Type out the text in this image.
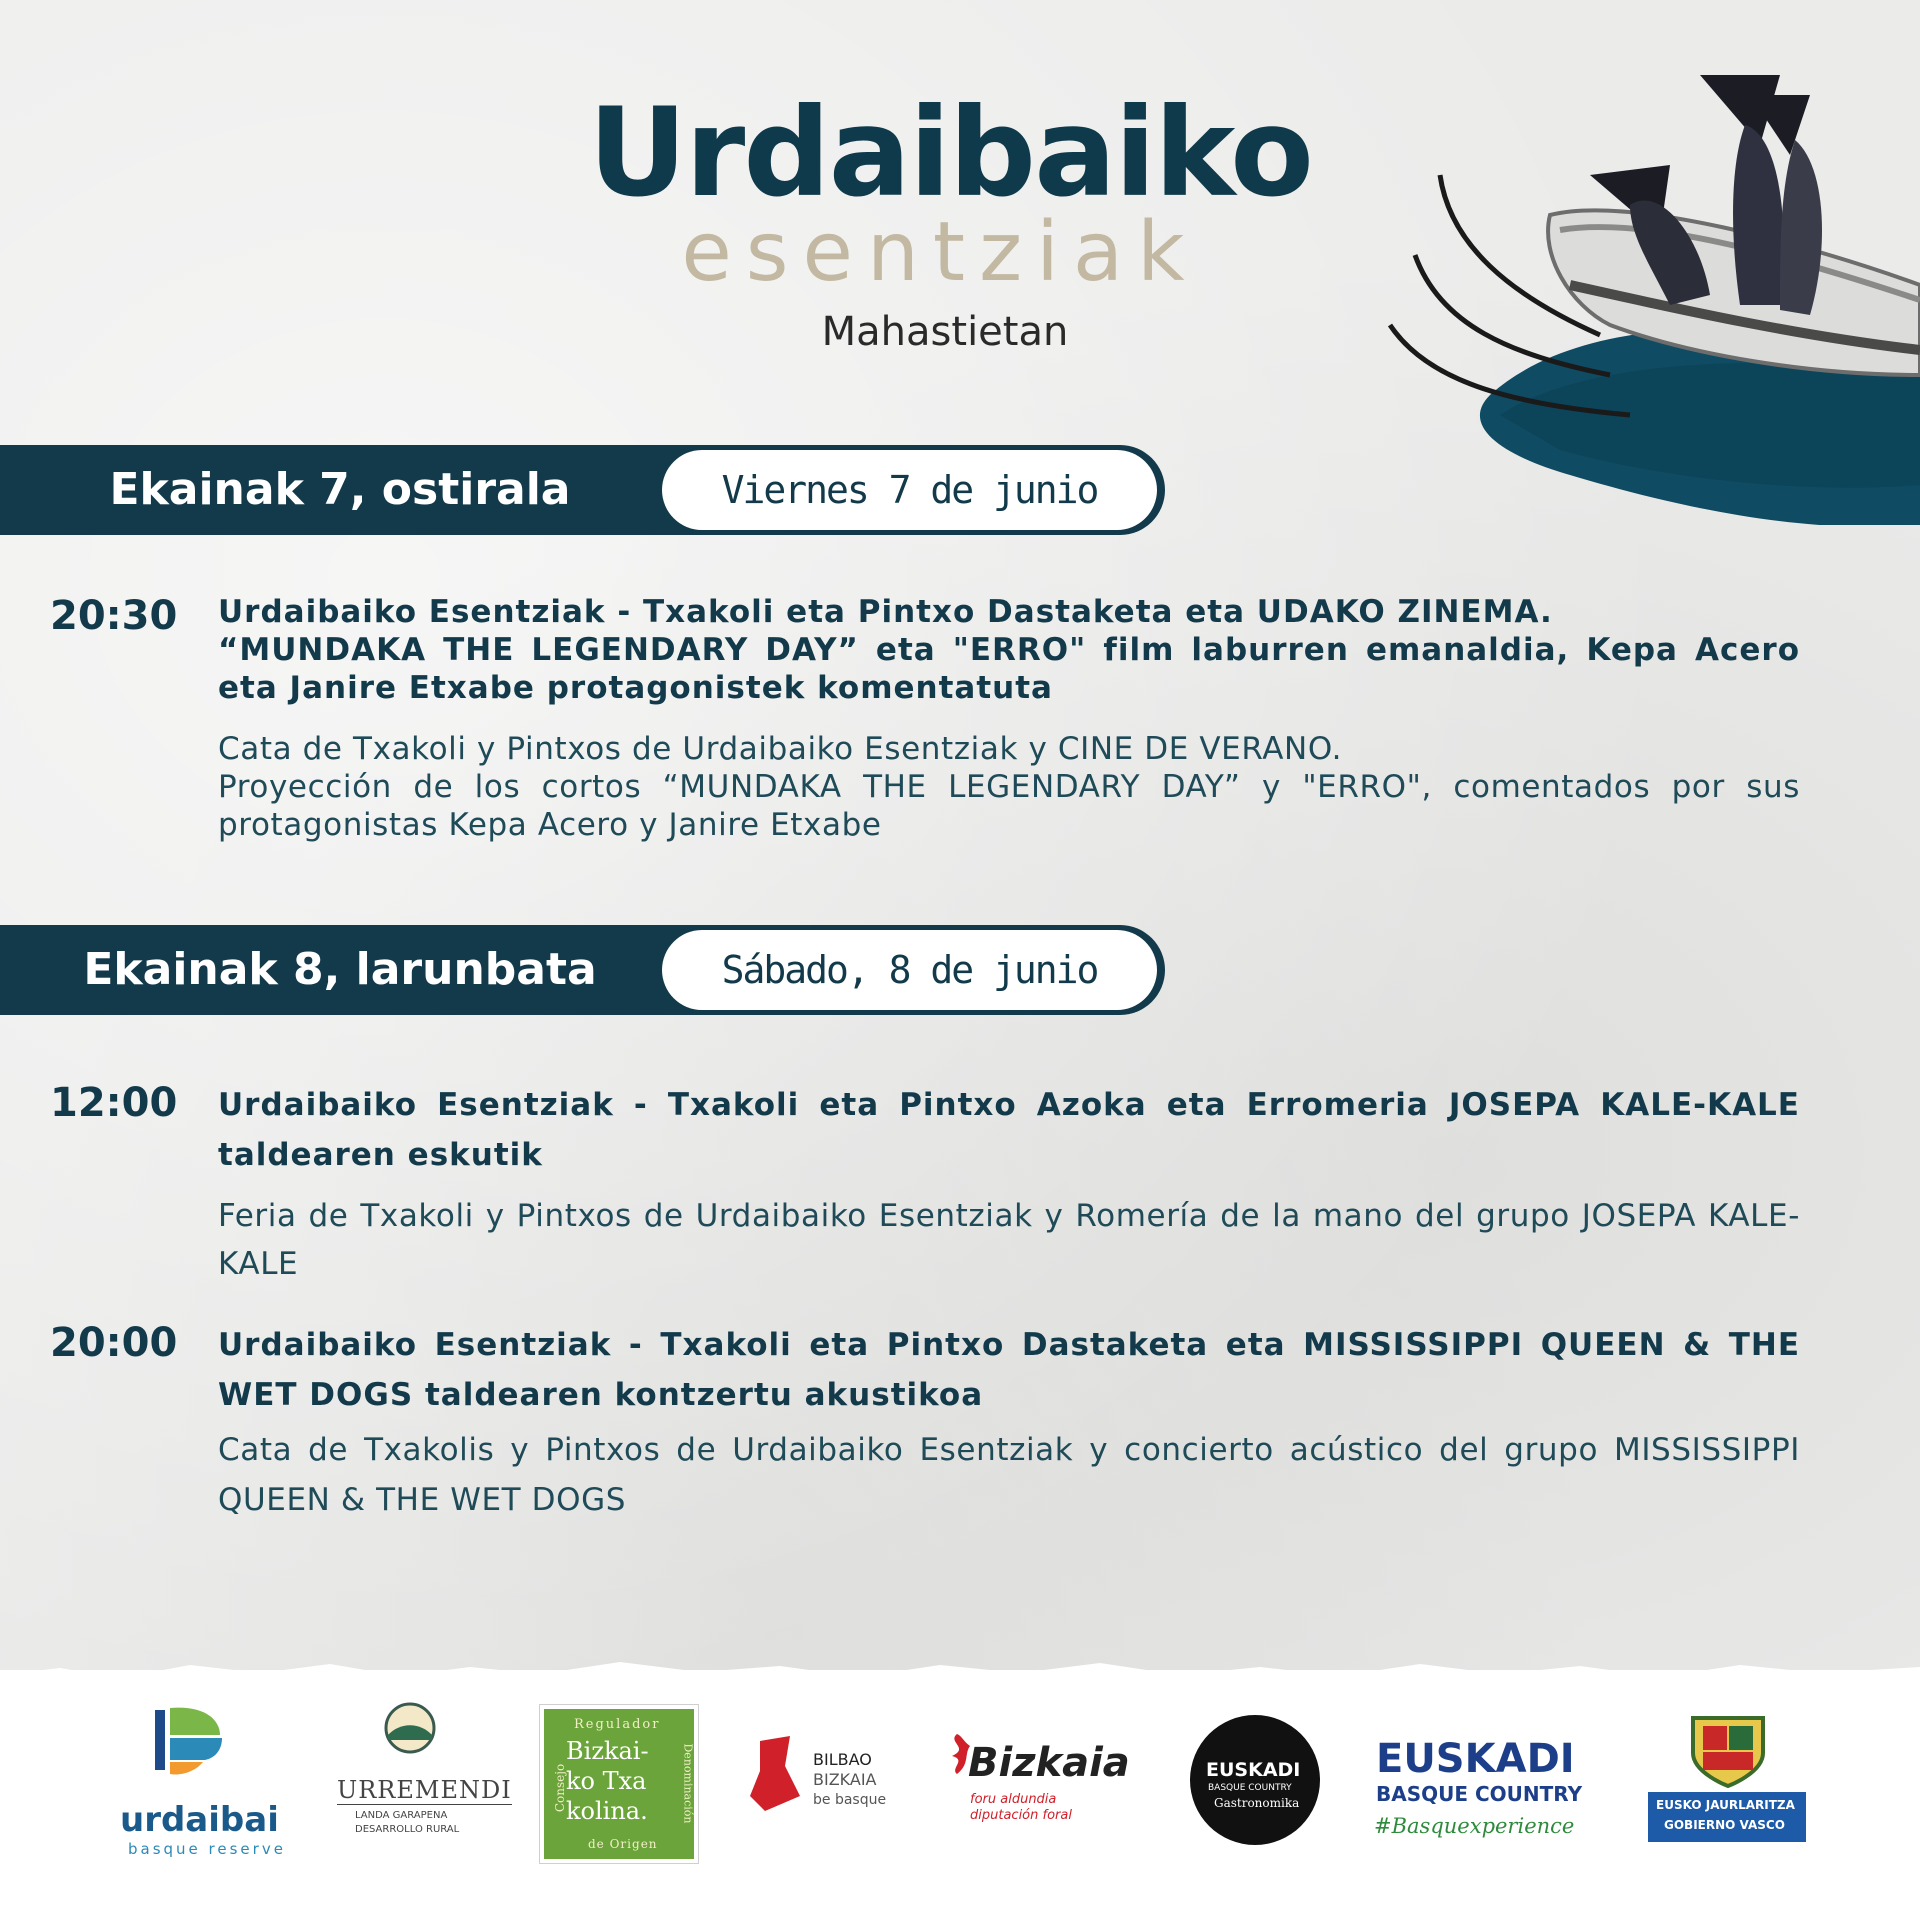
Urdaibaiko
esentziak
Mahastietan
Ekainak 7, ostirala	Viernes 7 de junio
20:30 Urdaibaiko Esentziak - Txakoli eta Pintxo Dastaketa eta UDAKO ZINEMA.
“MUNDAKA THE LEGENDARY DAY” eta "ERRO" film laburren emanaldia, Kepa Acero eta Janire Etxabe protagonistek komentatuta
Cata de Txakoli y Pintxos de Urdaibaiko Esentziak y CINE DE VERANO.
Proyección de los cortos “MUNDAKA THE LEGENDARY DAY” y "ERRO", comentados por sus protagonistas Kepa Acero y Janire Etxabe
Ekainak 8, larunbata	Sábado, 8 de junio
12:00 Urdaibaiko Esentziak - Txakoli eta Pintxo Azoka eta Erromeria JOSEPA KALE-KALE taldearen eskutik
Feria de Txakoli y Pintxos de Urdaibaiko Esentziak y Romería de la mano del grupo JOSEPA KALE-KALE
20:00 Urdaibaiko Esentziak - Txakoli eta Pintxo Dastaketa eta MISSISSIPPI QUEEN & THE WET DOGS taldearen kontzertu akustikoa
Cata de Txakolis y Pintxos de Urdaibaiko Esentziak y concierto acústico del grupo MISSISSIPPI QUEEN & THE WET DOGS
urdaibai
basque reserve
URREMENDI
LANDA GARAPENA
DESARROLLO RURAL
Regulador
Consejo	Denominación
de Origen
Bizkai-
ko Txa
kolina.
BILBAO
BIZKAIA
be basque
Bizkaia
foru aldundia
diputación foral
EUSKADI
BASQUE COUNTRY
Gastronomika
EUSKADI
BASQUE COUNTRY
#Basquexperience
EUSKO JAURLARITZA
GOBIERNO VASCO
